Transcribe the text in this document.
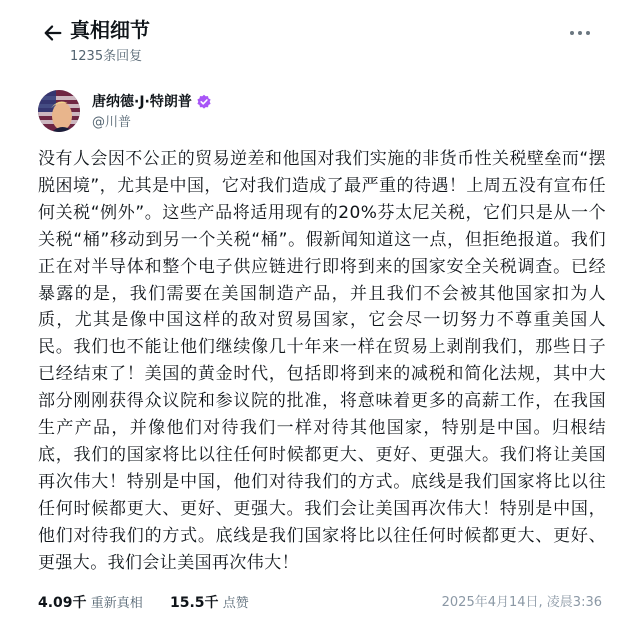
真相细节
1235条回复
唐纳德·J·特朗普
@川普
没有人会因不公正的贸易逆差和他国对我们实施的非货币性关税壁垒而“摆脱困境”，尤其是中国，它对我们造成了最严重的待遇！上周五没有宣布任何关税“例外”。这些产品将适用现有的20%芬太尼关税，它们只是从一个关税“桶”移动到另一个关税“桶”。假新闻知道这一点，但拒绝报道。我们正在对半导体和整个电子供应链进行即将到来的国家安全关税调查。已经暴露的是，我们需要在美国制造产品，并且我们不会被其他国家扣为人质，尤其是像中国这样的敌对贸易国家，它会尽一切努力不尊重美国人民。我们也不能让他们继续像几十年来一样在贸易上剥削我们，那些日子已经结束了！美国的黄金时代，包括即将到来的减税和简化法规，其中大部分刚刚获得众议院和参议院的批准，将意味着更多的高薪工作，在我国生产产品，并像他们对待我们一样对待其他国家，特别是中国。归根结底，我们的国家将比以往任何时候都更大、更好、更强大。我们将让美国再次伟大！特别是中国，他们对待我们的方式。底线是我们国家将比以往任何时候都更大、更好、更强大。我们会让美国再次伟大！特别是中国，他们对待我们的方式。底线是我们国家将比以往任何时候都更大、更好、更强大。我们会让美国再次伟大！
4.09千 重新真相 15.5千 点赞	2025年4月14日, 凌晨3:36
